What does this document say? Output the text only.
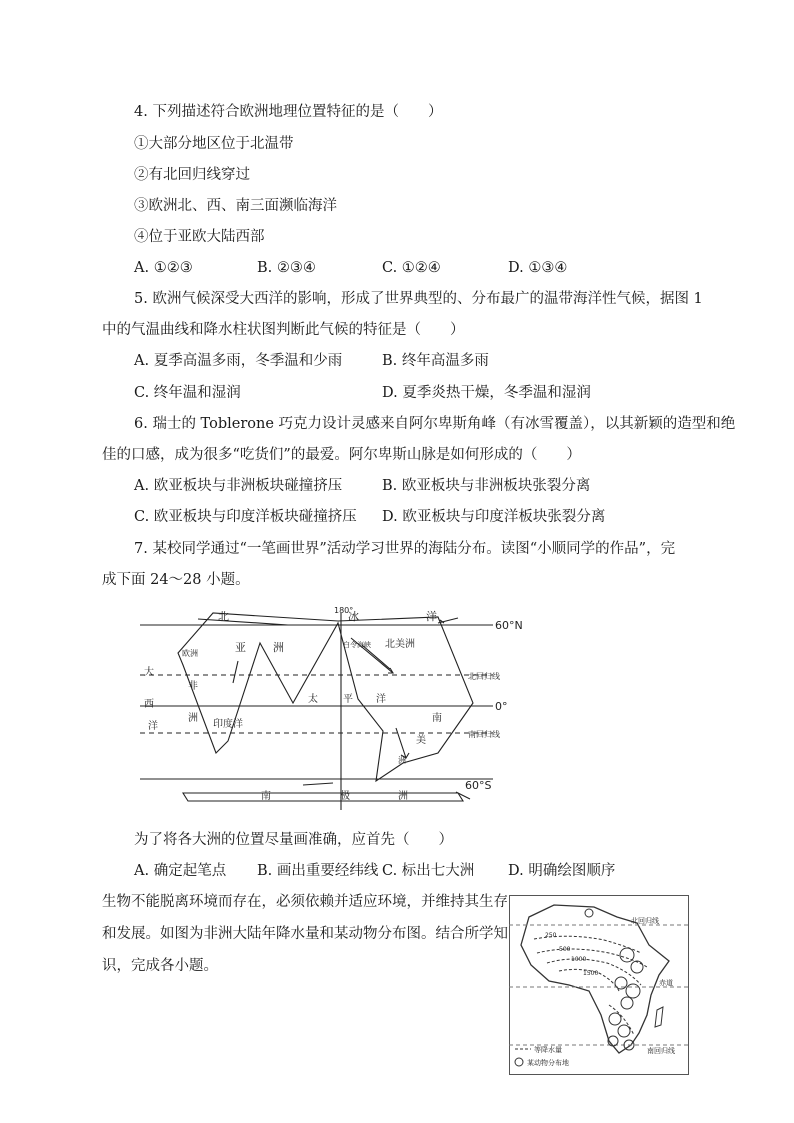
4. 下列描述符合欧洲地理位置特征的是（　　）
①大部分地区位于北温带
②有北回归线穿过
③欧洲北、西、南三面濒临海洋
④位于亚欧大陆西部
A. ①②③	B. ②③④	C. ①②④	D. ①③④
5. 欧洲气候深受大西洋的影响，形成了世界典型的、分布最广的温带海洋性气候，据图 1
中的气温曲线和降水柱状图判断此气候的特征是（　　）
A. 夏季高温多雨，冬季温和少雨	B. 终年高温多雨
C. 终年温和湿润	D. 夏季炎热干燥，冬季温和湿润
6. 瑞士的 Toblerone 巧克力设计灵感来自阿尔卑斯角峰（有冰雪覆盖），以其新颖的造型和绝
佳的口感，成为很多“吃货们”的最爱。阿尔卑斯山脉是如何形成的（　　）
A. 欧亚板块与非洲板块碰撞挤压	B. 欧亚板块与非洲板块张裂分离
C. 欧亚板块与印度洋板块碰撞挤压 D. 欧亚板块与印度洋板块张裂分离
7. 某校同学通过“一笔画世界”活动学习世界的海陆分布。读图“小顺同学的作品”，完
成下面 24～28 小题。
60°N
0°
60°S
北回归线
南回归线
180°
北	冰	洋
大
西
洋
太	平 洋
南	极	洲
亚 洲
欧洲
非
洲
印度洋
北美洲
白令海峡
南
美
洲
为了将各大洲的位置尽量画准确，应首先（　　）
A. 确定起笔点 B. 画出重要经纬线 C. 标出七大洲 D. 明确绘图顺序
生物不能脱离环境而存在，必须依赖并适应环境，并维持其生存
和发展。如图为非洲大陆年降水量和某动物分布图。结合所学知
识，完成各小题。
北回归线
赤道
南回归线
250
500
1000
1500
等降水量
某动物分布地
